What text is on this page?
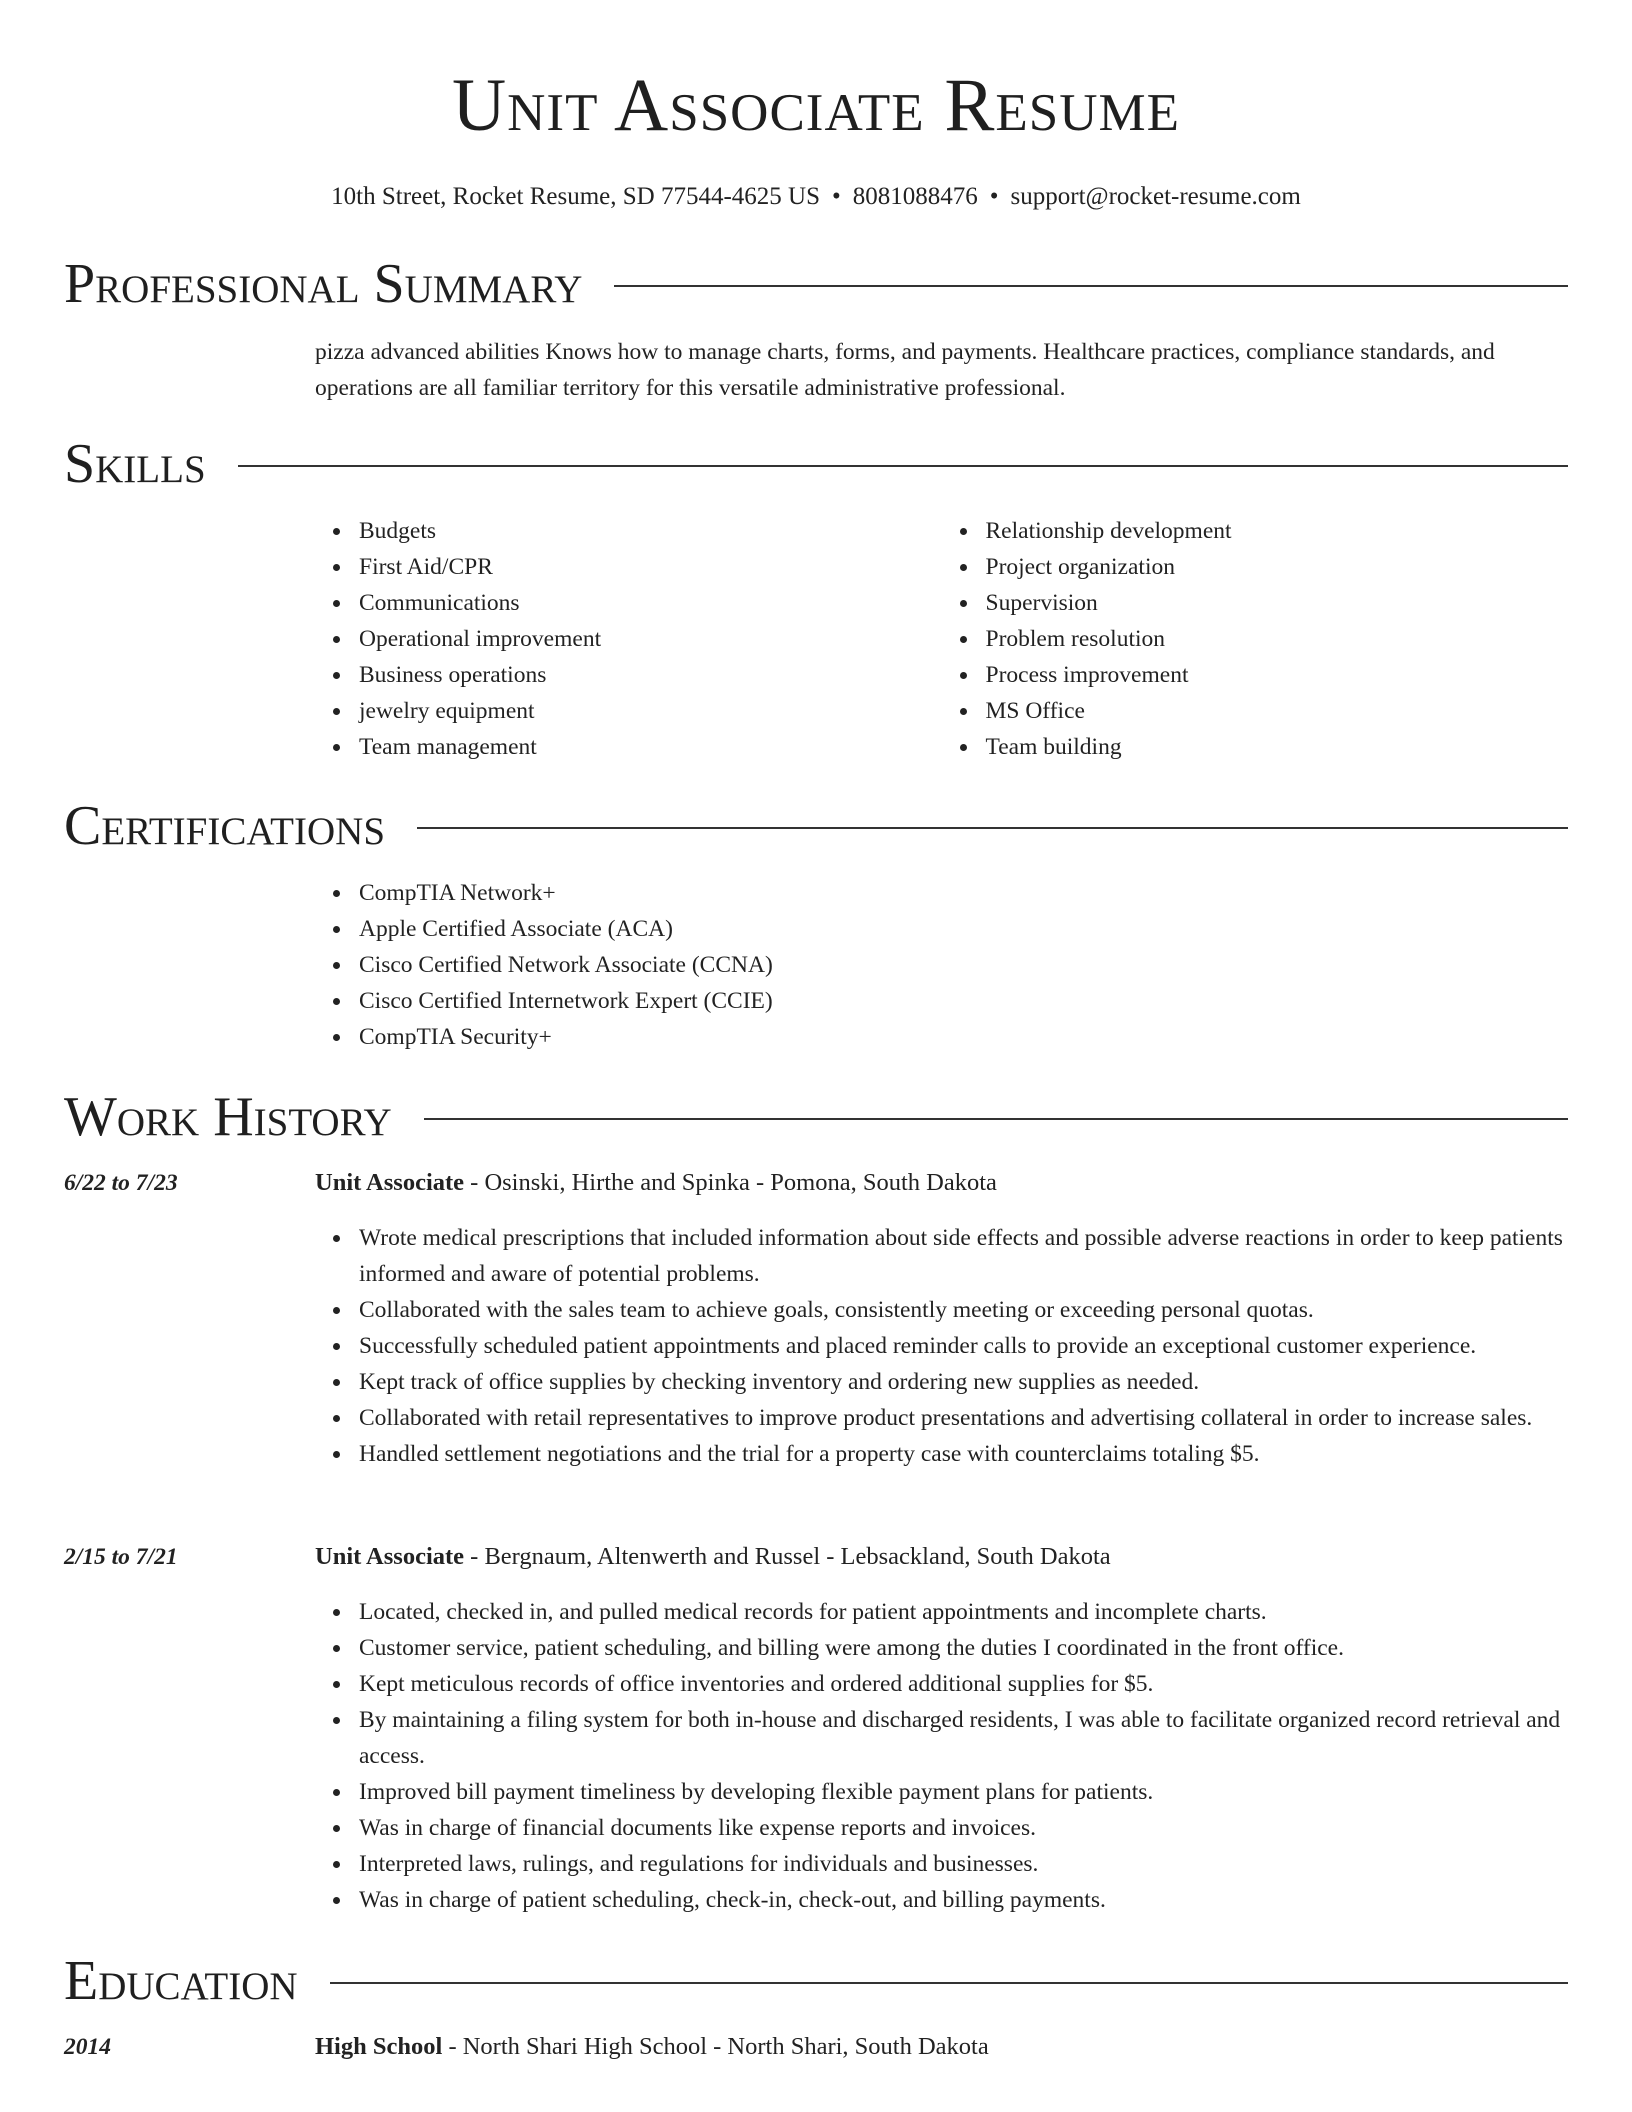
Unit Associate Resume
10th Street, Rocket Resume, SD 77544-4625 US • 8081088476 • support@rocket-resume.com
Professional Summary

pizza advanced abilities Knows how to manage charts, forms, and payments. Healthcare practices, compliance standards, and operations are all familiar territory for this versatile administrative professional.

Skills
Budgets
First Aid/CPR
Communications
Operational improvement
Business operations
jewelry equipment
Team management
Relationship development
Project organization
Supervision
Problem resolution
Process improvement
MS Office
Team building
Certifications
CompTIA Network+
Apple Certified Associate (ACA)
Cisco Certified Network Associate (CCNA)
Cisco Certified Internetwork Expert (CCIE)
CompTIA Security+
Work History
6/22 to 7/23	Unit Associate - Osinski, Hirthe and Spinka - Pomona, South Dakota
Wrote medical prescriptions that included information about side effects and possible adverse reactions in order to keep patients informed and aware of potential problems.
Collaborated with the sales team to achieve goals, consistently meeting or exceeding personal quotas.
Successfully scheduled patient appointments and placed reminder calls to provide an exceptional customer experience.
Kept track of office supplies by checking inventory and ordering new supplies as needed.
Collaborated with retail representatives to improve product presentations and advertising collateral in order to increase sales.
Handled settlement negotiations and the trial for a property case with counterclaims totaling $5.
2/15 to 7/21	Unit Associate - Bergnaum, Altenwerth and Russel - Lebsackland, South Dakota
Located, checked in, and pulled medical records for patient appointments and incomplete charts.
Customer service, patient scheduling, and billing were among the duties I coordinated in the front office.
Kept meticulous records of office inventories and ordered additional supplies for $5.
By maintaining a filing system for both in-house and discharged residents, I was able to facilitate organized record retrieval and access.
Improved bill payment timeliness by developing flexible payment plans for patients.
Was in charge of financial documents like expense reports and invoices.
Interpreted laws, rulings, and regulations for individuals and businesses.
Was in charge of patient scheduling, check-in, check-out, and billing payments.
Education
2014	High School - North Shari High School - North Shari, South Dakota
